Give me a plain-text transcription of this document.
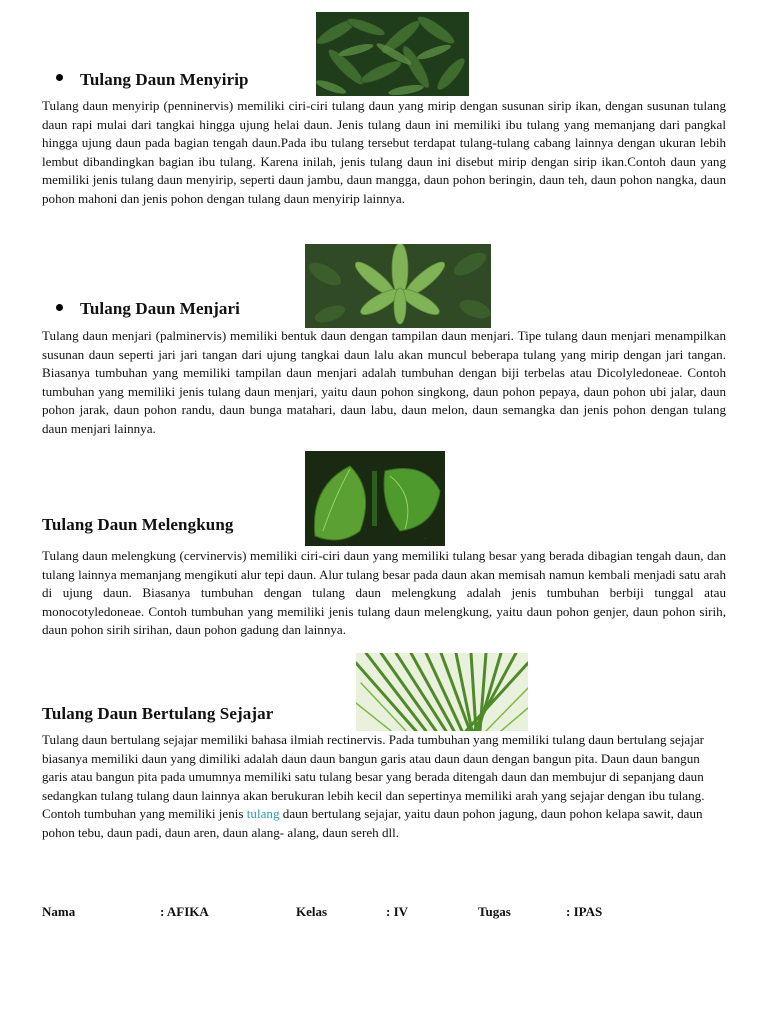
Tulang Daun Menyirip

Tulang daun menyirip (penninervis) memiliki ciri-ciri tulang daun yang mirip dengan susunan sirip ikan, dengan susunan tulang daun rapi mulai dari tangkai hingga ujung helai daun. Jenis tulang daun ini memiliki ibu tulang yang memanjang dari pangkal hingga ujung daun pada bagian tengah daun.Pada ibu tulang tersebut terdapat tulang-tulang cabang lainnya dengan ukuran lebih lembut dibandingkan bagian ibu tulang. Karena inilah, jenis tulang daun ini disebut mirip dengan sirip ikan.Contoh daun yang memiliki jenis tulang daun menyirip, seperti daun jambu, daun mangga, daun pohon beringin, daun teh, daun pohon nangka, daun pohon mahoni dan jenis pohon dengan tulang daun menyirip lainnya.

Tulang Daun Menjari

Tulang daun menjari (palminervis) memiliki bentuk daun dengan tampilan daun menjari. Tipe tulang daun menjari menampilkan susunan daun seperti jari jari tangan dari ujung tangkai daun lalu akan muncul beberapa tulang yang mirip dengan jari tangan. Biasanya tumbuhan yang memiliki tampilan daun menjari adalah tumbuhan dengan biji terbelas atau Dicolyledoneae. Contoh tumbuhan yang memiliki jenis tulang daun menjari, yaitu daun pohon singkong, daun pohon pepaya, daun pohon ubi jalar, daun pohon jarak, daun pohon randu, daun bunga matahari, daun labu, daun melon, daun semangka dan jenis pohon dengan tulang daun menjari lainnya.

.
Tulang Daun Melengkung

Tulang daun melengkung (cervinervis) memiliki ciri-ciri daun yang memiliki tulang besar yang berada dibagian tengah daun, dan tulang lainnya memanjang mengikuti alur tepi daun. Alur tulang besar pada daun akan memisah namun kembali menjadi satu arah di ujung daun. Biasanya tumbuhan dengan tulang daun melengkung adalah jenis tumbuhan berbiji tunggal atau monocotyledoneae. Contoh tumbuhan yang memiliki jenis tulang daun melengkung, yaitu daun pohon genjer, daun pohon sirih, daun pohon sirih sirihan, daun pohon gadung dan lainnya.

Tulang Daun Bertulang Sejajar

Tulang daun bertulang sejajar memiliki bahasa ilmiah rectinervis. Pada tumbuhan yang memiliki tulang daun bertulang sejajar biasanya memiliki daun yang dimiliki adalah daun daun bangun garis atau daun daun dengan bangun pita. Daun daun bangun garis atau bangun pita pada umumnya memiliki satu tulang besar yang berada ditengah daun dan membujur di sepanjang daun sedangkan tulang tulang daun lainnya akan berukuran lebih kecil dan sepertinya memiliki arah yang sejajar dengan ibu tulang. Contoh tumbuhan yang memiliki jenis tulang daun bertulang sejajar, yaitu daun pohon jagung, daun pohon kelapa sawit, daun pohon tebu, daun padi, daun aren, daun alang- alang, daun sereh dll.

Nama	: AFIKA	Kelas	: IV	Tugas	: IPAS
